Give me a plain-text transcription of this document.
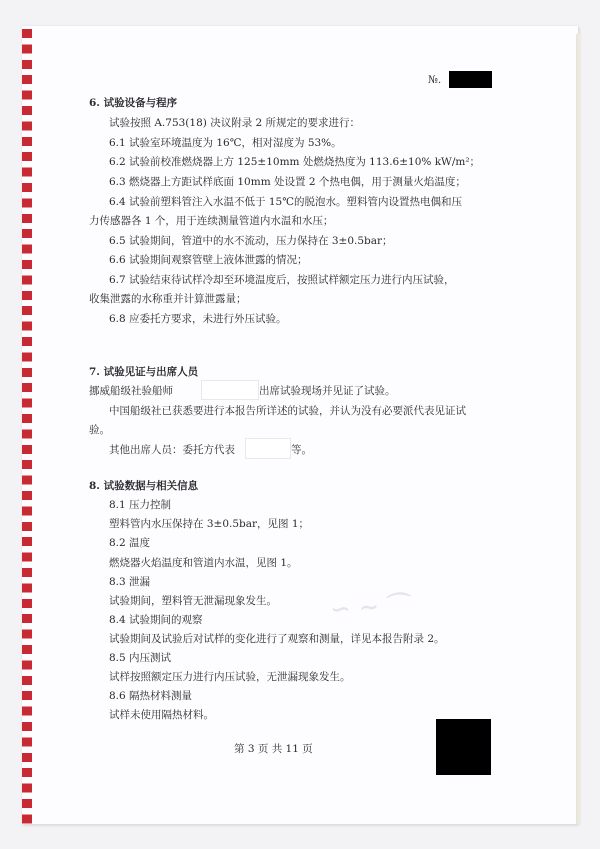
№.
6. 试验设备与程序
试验按照 A.753(18) 决议附录 2 所规定的要求进行：
6.1 试验室环境温度为 16℃，相对湿度为 53%。
6.2 试验前校准燃烧器上方 125±10mm 处燃烧热度为 113.6±10% kW/m²；
6.3 燃烧器上方距试样底面 10mm 处设置 2 个热电偶，用于测量火焰温度；
6.4 试验前塑料管注入水温不低于 15℃的脱泡水。塑料管内设置热电偶和压
力传感器各 1 个，用于连续测量管道内水温和水压；
6.5 试验期间，管道中的水不流动，压力保持在 3±0.5bar；
6.6 试验期间观察管壁上液体泄露的情况；
6.7 试验结束待试样冷却至环境温度后，按照试样额定压力进行内压试验，
收集泄露的水称重并计算泄露量；
6.8 应委托方要求，未进行外压试验。
7. 试验见证与出席人员
挪威船级社验船师	出席试验现场并见证了试验。
中国船级社已获悉要进行本报告所详述的试验，并认为没有必要派代表见证试
验。
其他出席人员：委托方代表	等。
8. 试验数据与相关信息
8.1 压力控制
塑料管内水压保持在 3±0.5bar，见图 1；
8.2 温度
燃烧器火焰温度和管道内水温，见图 1。
8.3 泄漏
试验期间，塑料管无泄漏现象发生。
8.4 试验期间的观察
试验期间及试验后对试样的变化进行了观察和测量，详见本报告附录 2。
8.5 内压测试
试样按照额定压力进行内压试验，无泄漏现象发生。
8.6 隔热材料测量
试样未使用隔热材料。
∽ ∼ ⌒
第 3 页 共 11 页
